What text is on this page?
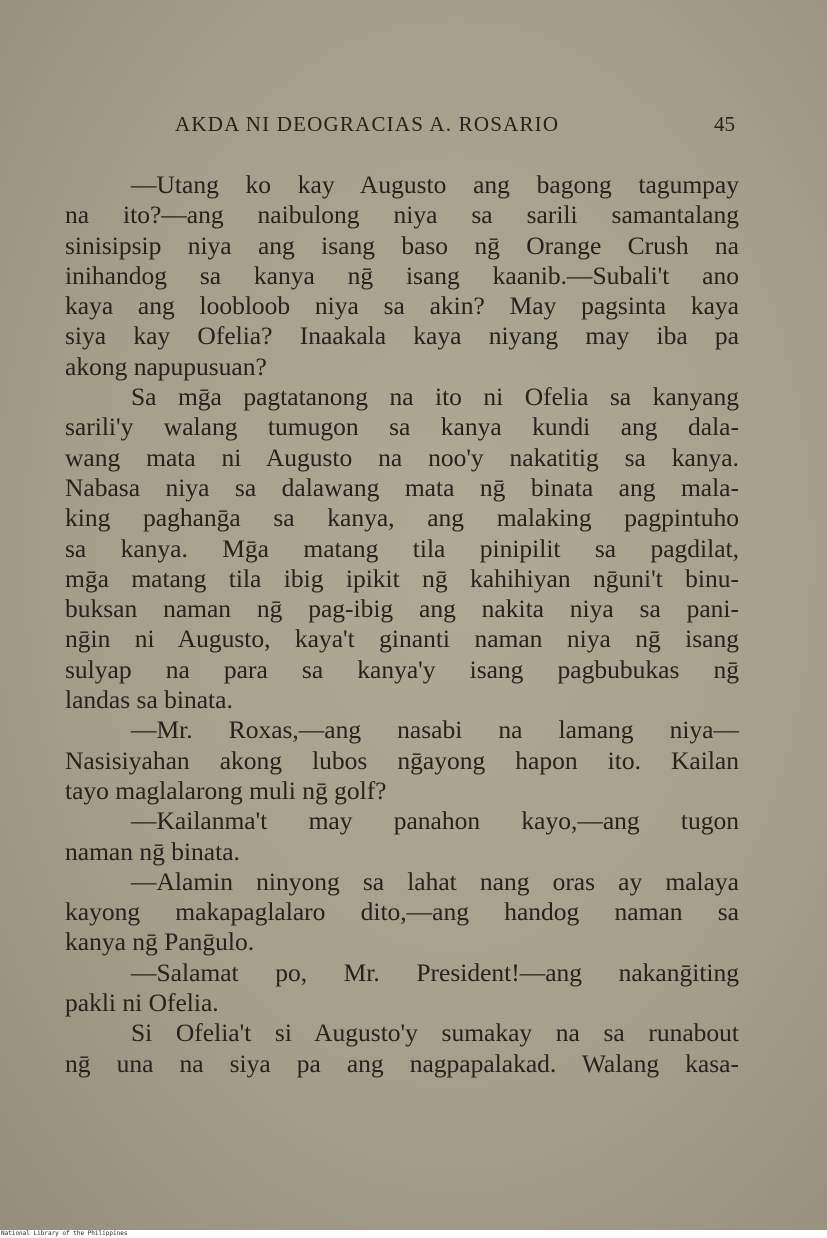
AKDA NI DEOGRACIAS A. ROSARIO	45
—Utang ko kay Augusto ang bagong tagumpay
na ito?—ang naibulong niya sa sarili samantalang
sinisipsip niya ang isang baso nḡ Orange Crush na
inihandog sa kanya nḡ isang kaanib.—Subali't ano
kaya ang loobloob niya sa akin? May pagsinta kaya
siya kay Ofelia? Inaakala kaya niyang may iba pa
akong napupusuan?
Sa mḡa pagtatanong na ito ni Ofelia sa kanyang
sarili'y walang tumugon sa kanya kundi ang dala-
wang mata ni Augusto na noo'y nakatitig sa kanya.
Nabasa niya sa dalawang mata nḡ binata ang mala-
king paghanḡa sa kanya, ang malaking pagpintuho
sa kanya. Mḡa matang tila pinipilit sa pagdilat,
mḡa matang tila ibig ipikit nḡ kahihiyan nḡuni't binu-
buksan naman nḡ pag-ibig ang nakita niya sa pani-
nḡin ni Augusto, kaya't ginanti naman niya nḡ isang
sulyap na para sa kanya'y isang pagbubukas nḡ
landas sa binata.
—Mr. Roxas,—ang nasabi na lamang niya—
Nasisiyahan akong lubos nḡayong hapon ito. Kailan
tayo maglalarong muli nḡ golf?
—Kailanma't may panahon kayo,—ang tugon
naman nḡ binata.
—Alamin ninyong sa lahat nang oras ay malaya
kayong makapaglalaro dito,—ang handog naman sa
kanya nḡ Panḡulo.
—Salamat po, Mr. President!—ang nakanḡiting
pakli ni Ofelia.
Si Ofelia't si Augusto'y sumakay na sa runabout
nḡ una na siya pa ang nagpapalakad. Walang kasa-
National Library of the Philippines
